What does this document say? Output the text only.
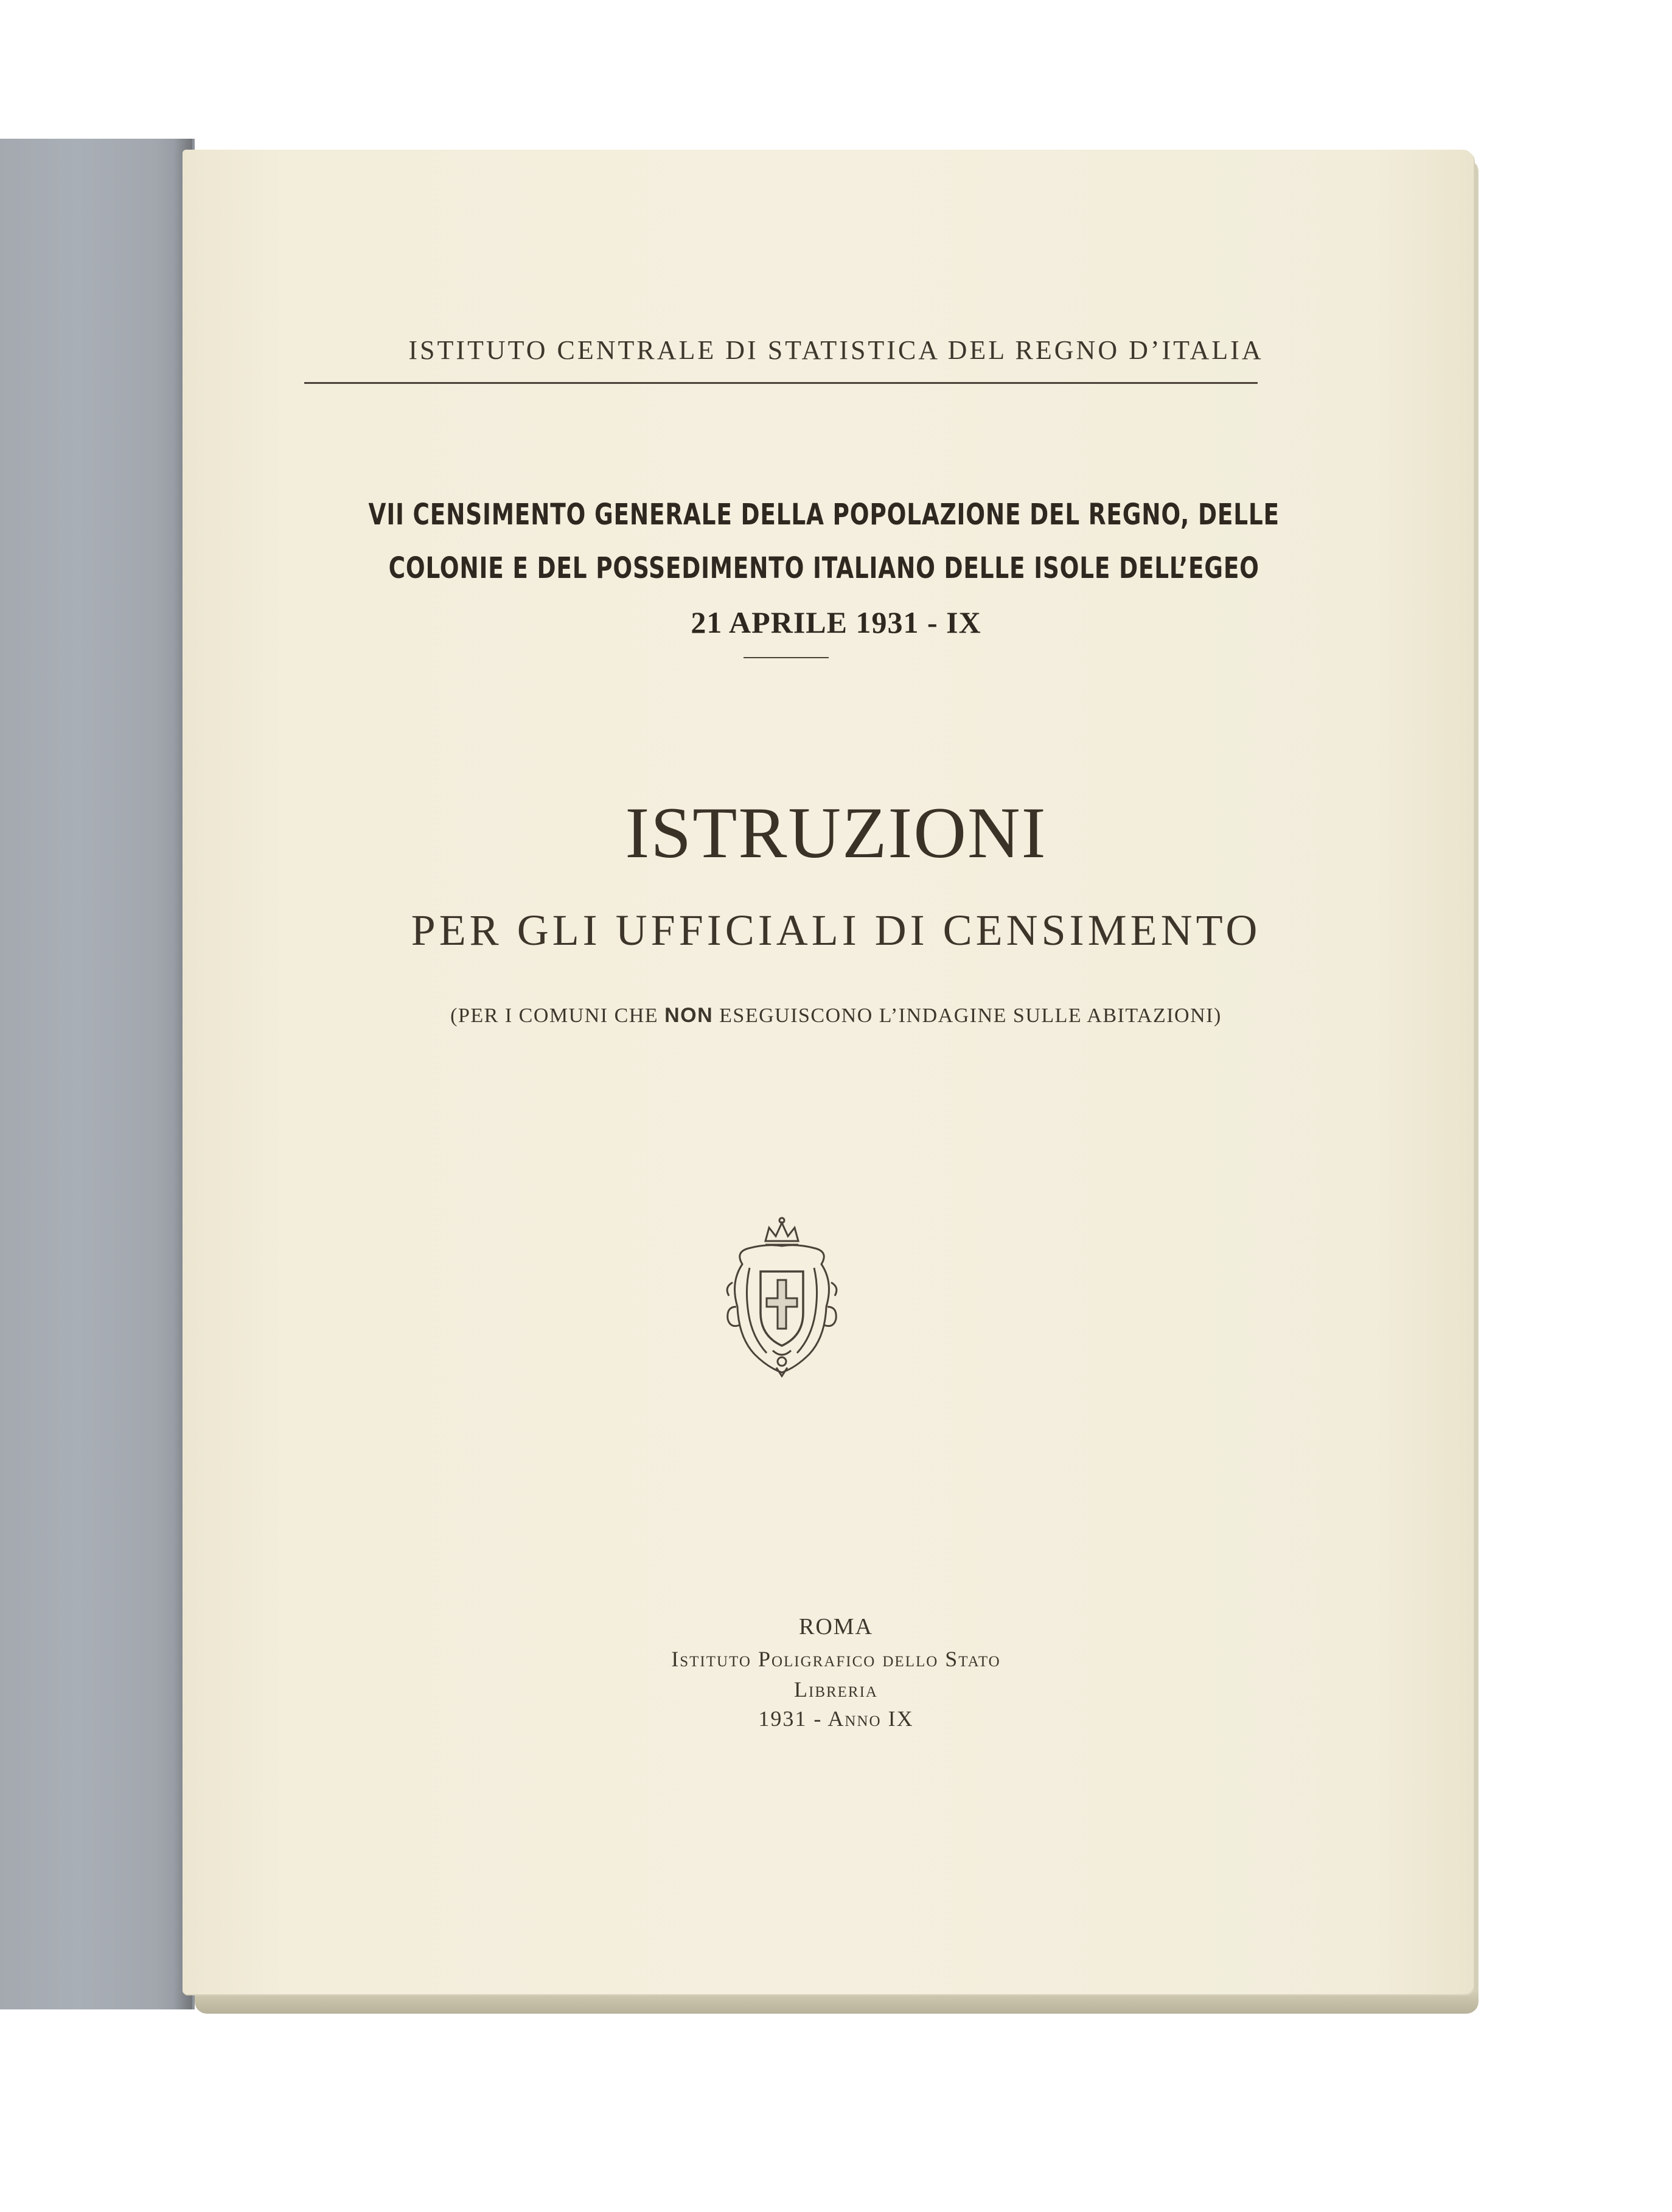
ISTITUTO CENTRALE DI STATISTICA DEL REGNO D’ITALIA
VII CENSIMENTO GENERALE DELLA POPOLAZIONE DEL REGNO, DELLE
COLONIE E DEL POSSEDIMENTO ITALIANO DELLE ISOLE DELL’EGEO
21 APRILE 1931 - IX
ISTRUZIONI
PER GLI UFFICIALI DI CENSIMENTO
(PER I COMUNI CHE NON ESEGUISCONO L’INDAGINE SULLE ABITAZIONI)
ROMA
Istituto Poligrafico dello Stato
Libreria
1931 - Anno IX
